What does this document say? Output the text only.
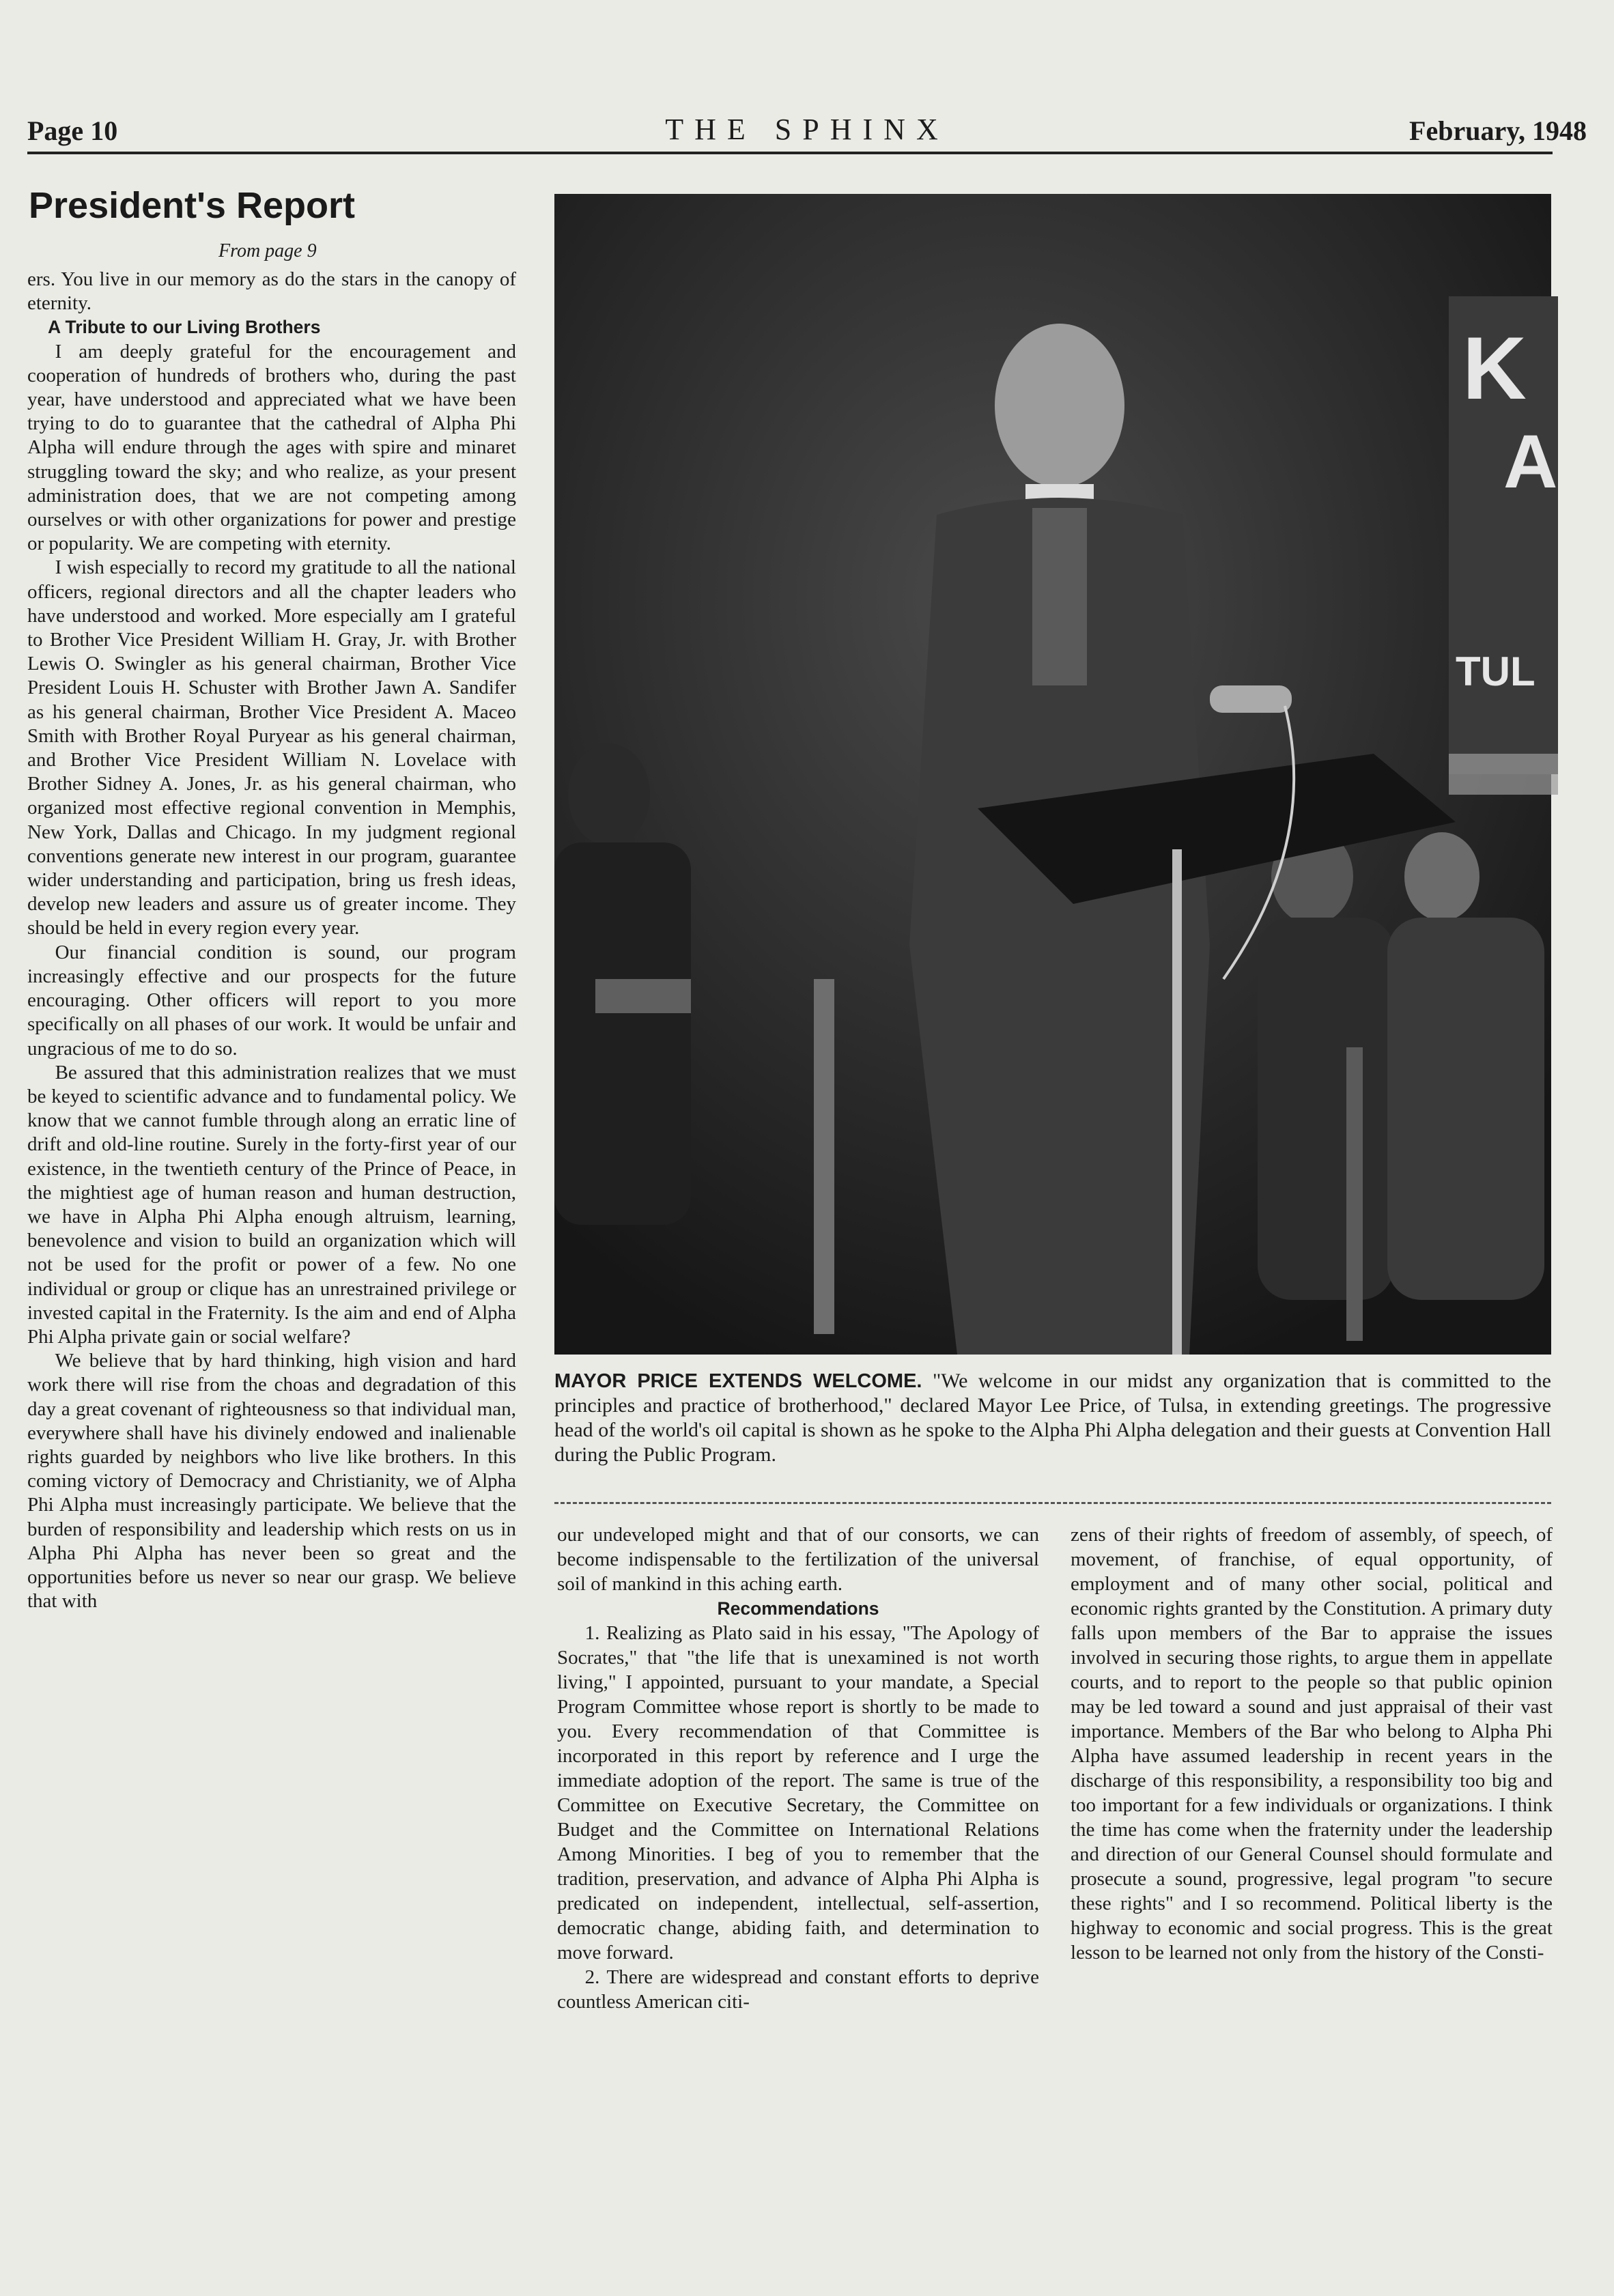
Page 10	THE SPHINX	February, 1948
President's Report
From page 9

ers. You live in our memory as do the stars in the canopy of eternity.

A Tribute to our Living Brothers

I am deeply grateful for the encouragement and cooperation of hundreds of brothers who, during the past year, have understood and appreciated what we have been trying to do to guarantee that the cathedral of Alpha Phi Alpha will endure through the ages with spire and minaret struggling toward the sky; and who realize, as your present administration does, that we are not competing among ourselves or with other organizations for power and prestige or popularity. We are competing with eternity.

I wish especially to record my gratitude to all the national officers, regional directors and all the chapter leaders who have understood and worked. More especially am I grateful to Brother Vice President William H. Gray, Jr. with Brother Lewis O. Swingler as his general chairman, Brother Vice President Louis H. Schuster with Brother Jawn A. Sandifer as his general chairman, Brother Vice President A. Maceo Smith with Brother Royal Puryear as his general chairman, and Brother Vice President William N. Lovelace with Brother Sidney A. Jones, Jr. as his general chairman, who organized most effective regional convention in Memphis, New York, Dallas and Chicago. In my judgment regional conventions generate new interest in our program, guarantee wider understanding and participation, bring us fresh ideas, develop new leaders and assure us of greater income. They should be held in every region every year.

Our financial condition is sound, our program increasingly effective and our prospects for the future encouraging. Other officers will report to you more specifically on all phases of our work. It would be unfair and ungracious of me to do so.

Be assured that this administration realizes that we must be keyed to scientific advance and to fundamental policy. We know that we cannot fumble through along an erratic line of drift and old-line routine. Surely in the forty-first year of our existence, in the twentieth century of the Prince of Peace, in the mightiest age of human reason and human destruction, we have in Alpha Phi Alpha enough altruism, learning, benevolence and vision to build an organization which will not be used for the profit or power of a few. No one individual or group or clique has an unrestrained privilege or invested capital in the Fraternity. Is the aim and end of Alpha Phi Alpha private gain or social welfare?

We believe that by hard thinking, high vision and hard work there will rise from the choas and degradation of this day a great covenant of righteousness so that individual man, everywhere shall have his divinely endowed and inalienable rights guarded by neighbors who live like brothers. In this coming victory of Democracy and Christianity, we of Alpha Phi Alpha must increasingly participate. We believe that the burden of responsibility and leadership which rests on us in Alpha Phi Alpha has never been so great and the opportunities before us never so near our grasp. We believe that with

K
A
TUL
MAYOR PRICE EXTENDS WELCOME. "We welcome in our midst any organization that is committed to the principles and practice of brotherhood," declared Mayor Lee Price, of Tulsa, in extending greetings. The progressive head of the world's oil capital is shown as he spoke to the Alpha Phi Alpha delegation and their guests at Convention Hall during the Public Program.

our undeveloped might and that of our consorts, we can become indispensable to the fertilization of the universal soil of mankind in this aching earth.

Recommendations

1. Realizing as Plato said in his essay, "The Apology of Socrates," that "the life that is unexamined is not worth living," I appointed, pursuant to your mandate, a Special Program Committee whose report is shortly to be made to you. Every recommendation of that Committee is incorporated in this report by reference and I urge the immediate adoption of the report. The same is true of the Committee on Executive Secretary, the Committee on Budget and the Committee on International Relations Among Minorities. I beg of you to remember that the tradition, preservation, and advance of Alpha Phi Alpha is predicated on independent, intellectual, self-assertion, democratic change, abiding faith, and determination to move forward.

2. There are widespread and constant efforts to deprive countless American citi-

zens of their rights of freedom of assembly, of speech, of movement, of franchise, of equal opportunity, of employment and of many other social, political and economic rights granted by the Constitution. A primary duty falls upon members of the Bar to appraise the issues involved in securing those rights, to argue them in appellate courts, and to report to the people so that public opinion may be led toward a sound and just appraisal of their vast importance. Members of the Bar who belong to Alpha Phi Alpha have assumed leadership in recent years in the discharge of this responsibility, a responsibility too big and too important for a few individuals or organizations. I think the time has come when the fraternity under the leadership and direction of our General Counsel should formulate and prosecute a sound, progressive, legal program "to secure these rights" and I so recommend. Political liberty is the highway to economic and social progress. This is the great lesson to be learned not only from the history of the Consti-
